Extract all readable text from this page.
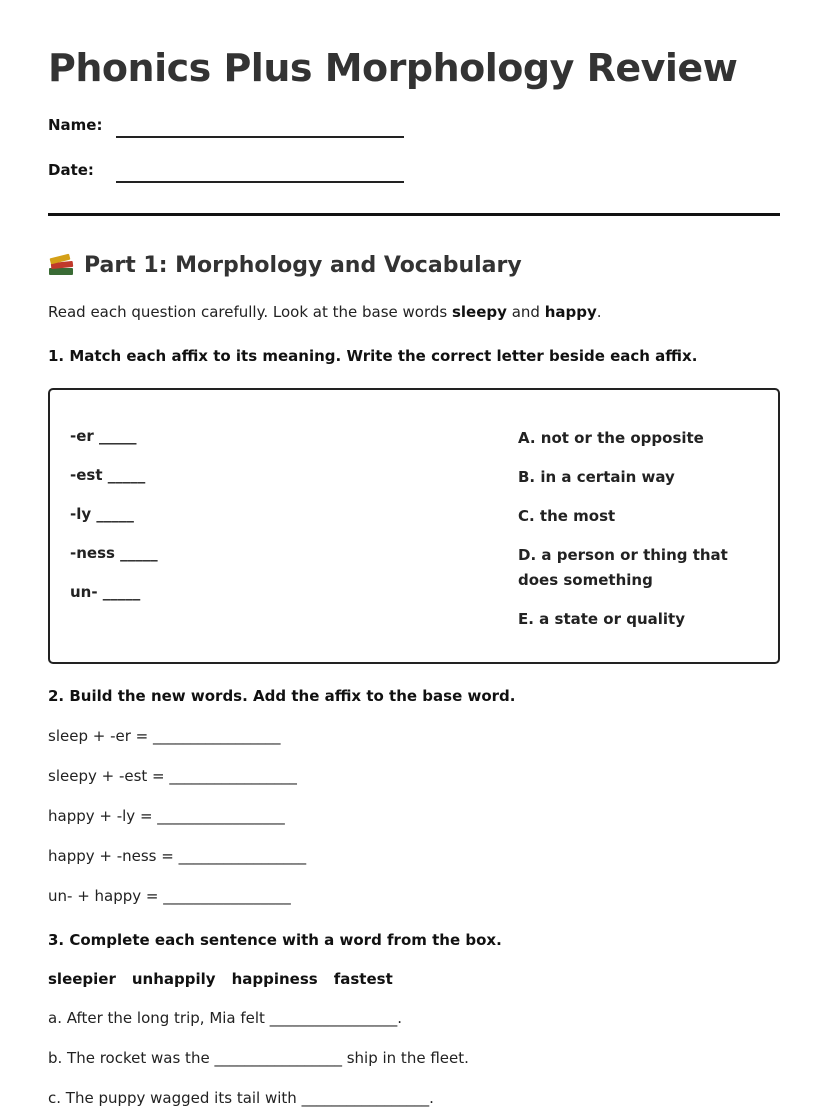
Phonics Plus Morphology Review
Name:
Date:
Part 1: Morphology and Vocabulary
Read each question carefully. Look at the base words sleepy and happy.
1. Match each affix to its meaning. Write the correct letter beside each affix.
-er _____
-est _____
-ly _____
-ness _____
un- _____
A. not or the opposite
B. in a certain way
C. the most
D. a person or thing that does something
E. a state or quality
2. Build the new words. Add the affix to the base word.
sleep + -er = _________________
sleepy + -est = _________________
happy + -ly = _________________
happy + -ness = _________________
un- + happy = _________________
3. Complete each sentence with a word from the box.
sleepier unhappily happiness fastest
a. After the long trip, Mia felt _________________.
b. The rocket was the _________________ ship in the fleet.
c. The puppy wagged its tail with _________________.
